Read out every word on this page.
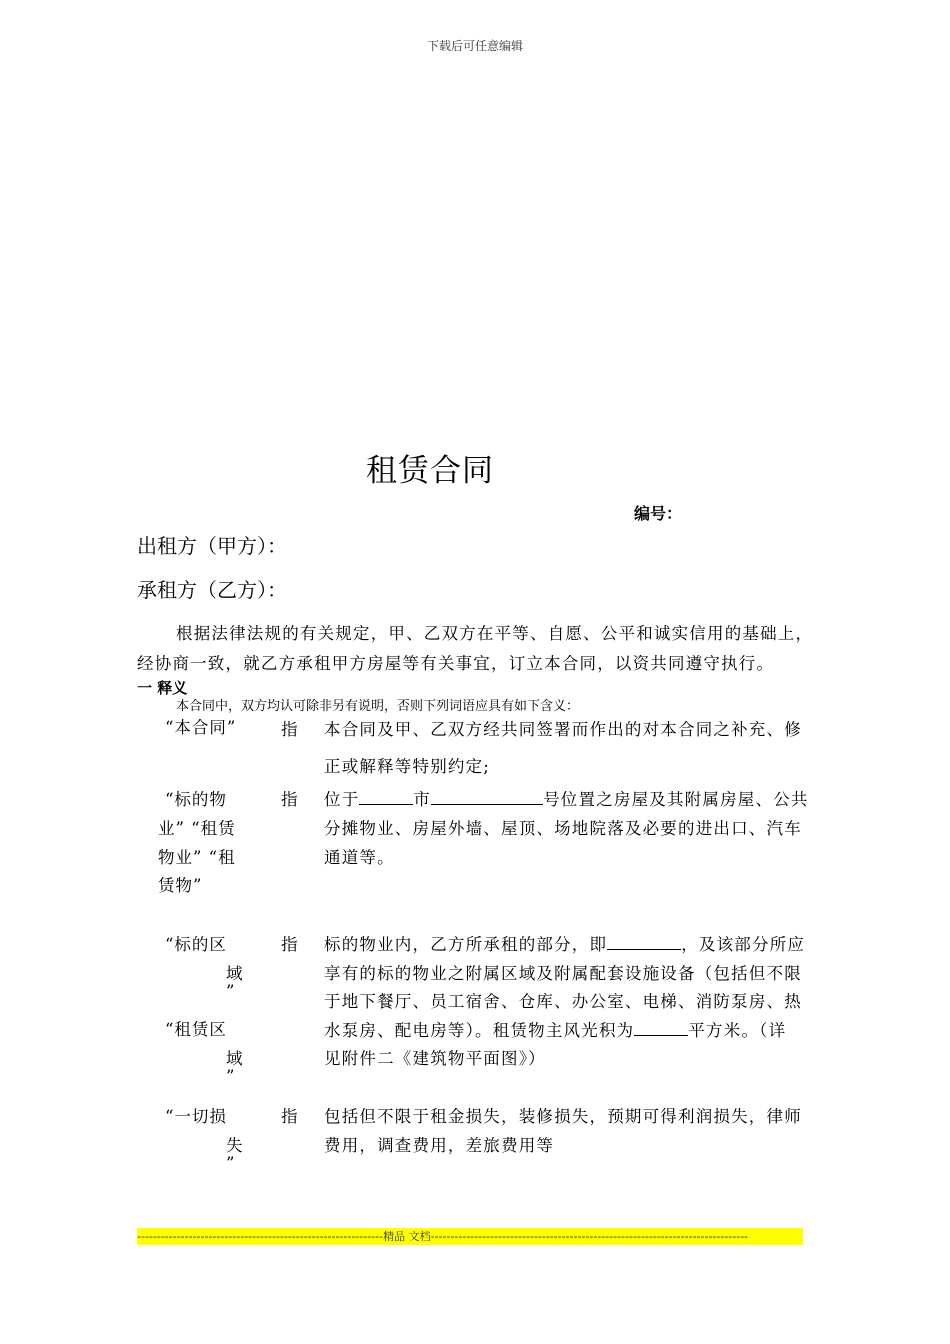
下载后可任意编辑
租赁合同
编号：
出租方（甲方）：
承租方（乙方）：
根据法律法规的有关规定，甲、乙双方在平等、自愿、公平和诚实信用的基础上，
经协商一致，就乙方承租甲方房屋等有关事宜，订立本合同，以资共同遵守执行。
一 释义
本合同中，双方均认可除非另有说明，否则下列词语应具有如下含义：
“本合同”	指 本合同及甲、乙双方经共同签署而作出的对本合同之补充、修
正或解释等特别约定;
“标的物
业” “租赁
物业” “租
赁物”
指 位于	市	号位置之房屋及其附属房屋、公共
分摊物业、房屋外墙、屋顶、场地院落及必要的进出口、汽车
通道等。
“标的区
域
”
“租赁区
域
”
指 标的物业内，乙方所承租的部分，即	，及该部分所应
享有的标的物业之附属区域及附属配套设施设备（包括但不限
于地下餐厅、员工宿舍、仓库、办公室、电梯、消防泵房、热
水泵房、配电房等）。租赁物主风光积为	平方米。（详
见附件二《建筑物平面图》）
“一切损
失
”
指 包括但不限于租金损失，装修损失，预期可得利润损失，律师
费用，调查费用，差旅费用等
--------------------------------------------------------------精品 文档--------------------------------------------------------------------------------
